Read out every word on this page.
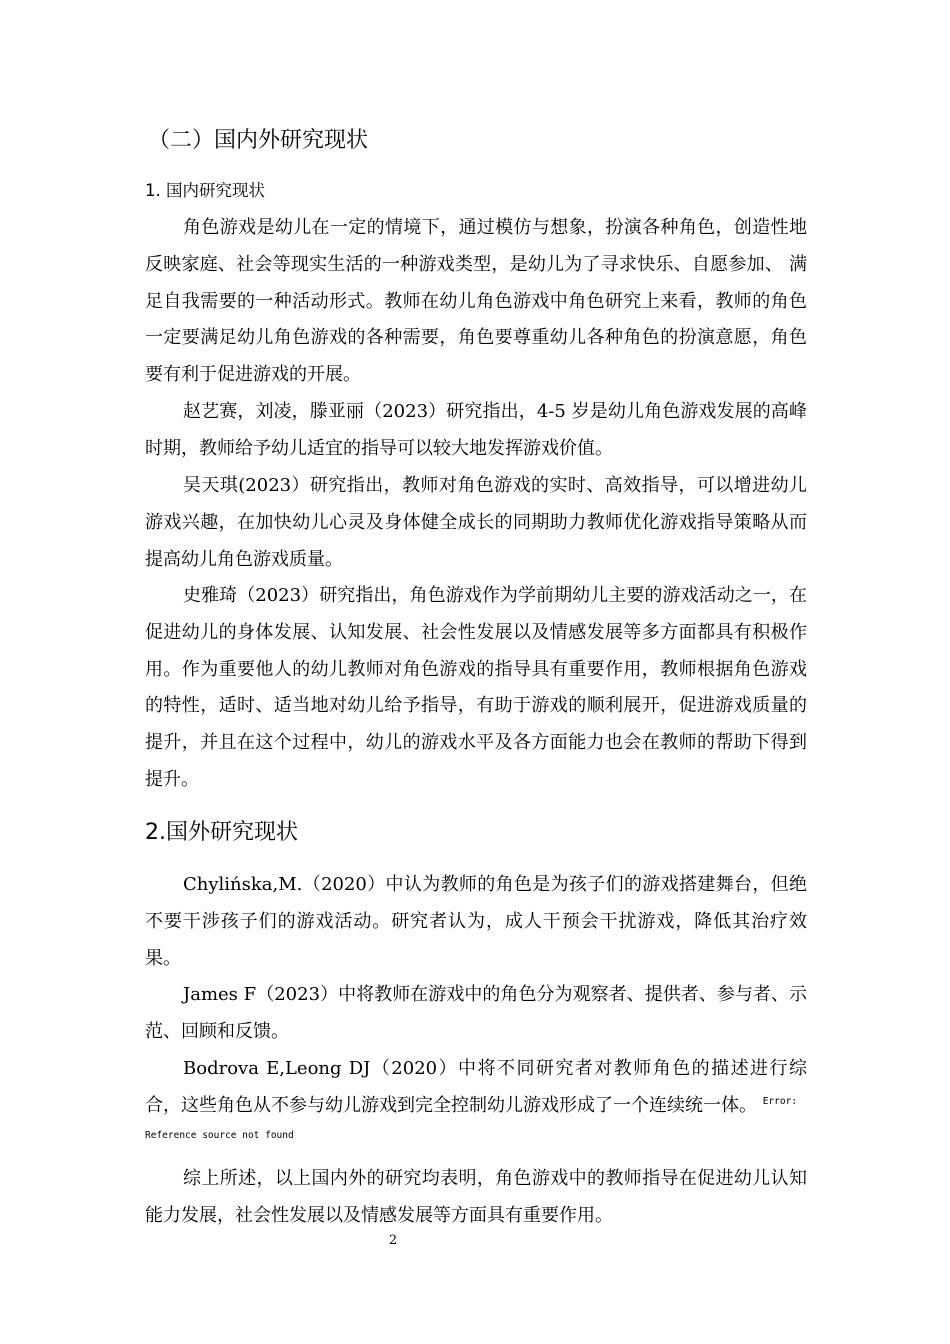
（二）国内外研究现状
1. 国内研究现状

角色游戏是幼儿在一定的情境下，通过模仿与想象，扮演各种角色，创造性地反映家庭、社会等现实生活的一种游戏类型，是幼儿为了寻求快乐、自愿参加、 满足自我需要的一种活动形式。教师在幼儿角色游戏中角色研究上来看，教师的角色一定要满足幼儿角色游戏的各种需要，角色要尊重幼儿各种角色的扮演意愿，角色要有利于促进游戏的开展。

赵艺赛，刘凌，滕亚丽（2023）研究指出，4-5 岁是幼儿角色游戏发展的高峰时期，教师给予幼儿适宜的指导可以较大地发挥游戏价值。

吴天琪(2023）研究指出，教师对角色游戏的实时、高效指导，可以增进幼儿游戏兴趣，在加快幼儿心灵及身体健全成长的同期助力教师优化游戏指导策略从而提高幼儿角色游戏质量。

史雅琦（2023）研究指出，角色游戏作为学前期幼儿主要的游戏活动之一，在促进幼儿的身体发展、认知发展、社会性发展以及情感发展等多方面都具有积极作用。作为重要他人的幼儿教师对角色游戏的指导具有重要作用，教师根据角色游戏的特性，适时、适当地对幼儿给予指导，有助于游戏的顺利展开，促进游戏质量的提升，并且在这个过程中，幼儿的游戏水平及各方面能力也会在教师的帮助下得到提升。

2.国外研究现状

Chylińska,M.（2020）中认为教师的角色是为孩子们的游戏搭建舞台，但绝不要干涉孩子们的游戏活动。研究者认为，成人干预会干扰游戏，降低其治疗效果。

James F（2023）中将教师在游戏中的角色分为观察者、提供者、参与者、示范、回顾和反馈。

Bodrova E,Leong DJ（2020）中将不同研究者对教师角色的描述进行综合，这些角色从不参与幼儿游戏到完全控制幼儿游戏形成了一个连续统一体。 $^{Error:}$

Reference source not found

综上所述，以上国内外的研究均表明，角色游戏中的教师指导在促进幼儿认知能力发展，社会性发展以及情感发展等方面具有重要作用。

2
